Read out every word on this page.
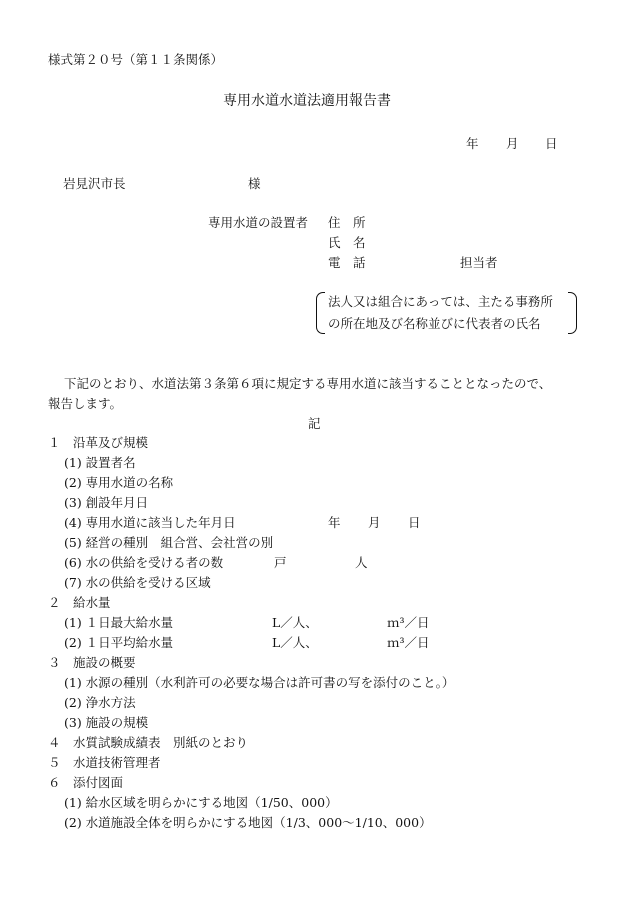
様式第２０号（第１１条関係）
専用水道水道法適用報告書
年 月 日
岩見沢市長	様
専用水道の設置者 住　所
氏　名
電　話	担当者
法人又は組合にあっては、主たる事務所
の所在地及び名称並びに代表者の氏名
下記のとおり、水道法第３条第６項に規定する専用水道に該当することとなったので、
報告します。
記
１　沿革及び規模
(1) 設置者名
(2) 専用水道の名称
(3) 創設年月日
(4) 専用水道に該当した年月日	年 月 日
(5) 経営の種別　組合営、会社営の別
(6) 水の供給を受ける者の数	戸	人
(7) 水の供給を受ける区域
２　給水量
(1) １日最大給水量	L／人、	ｍ³／日
(2) １日平均給水量	L／人、	ｍ³／日
３　施設の概要
(1) 水源の種別（水利許可の必要な場合は許可書の写を添付のこと。）
(2) 浄水方法
(3) 施設の規模
４　水質試験成績表　別紙のとおり
５　水道技術管理者
６　添付図面
(1) 給水区域を明らかにする地図（1/50、000）
(2) 水道施設全体を明らかにする地図（1/3、000〜1/10、000）
